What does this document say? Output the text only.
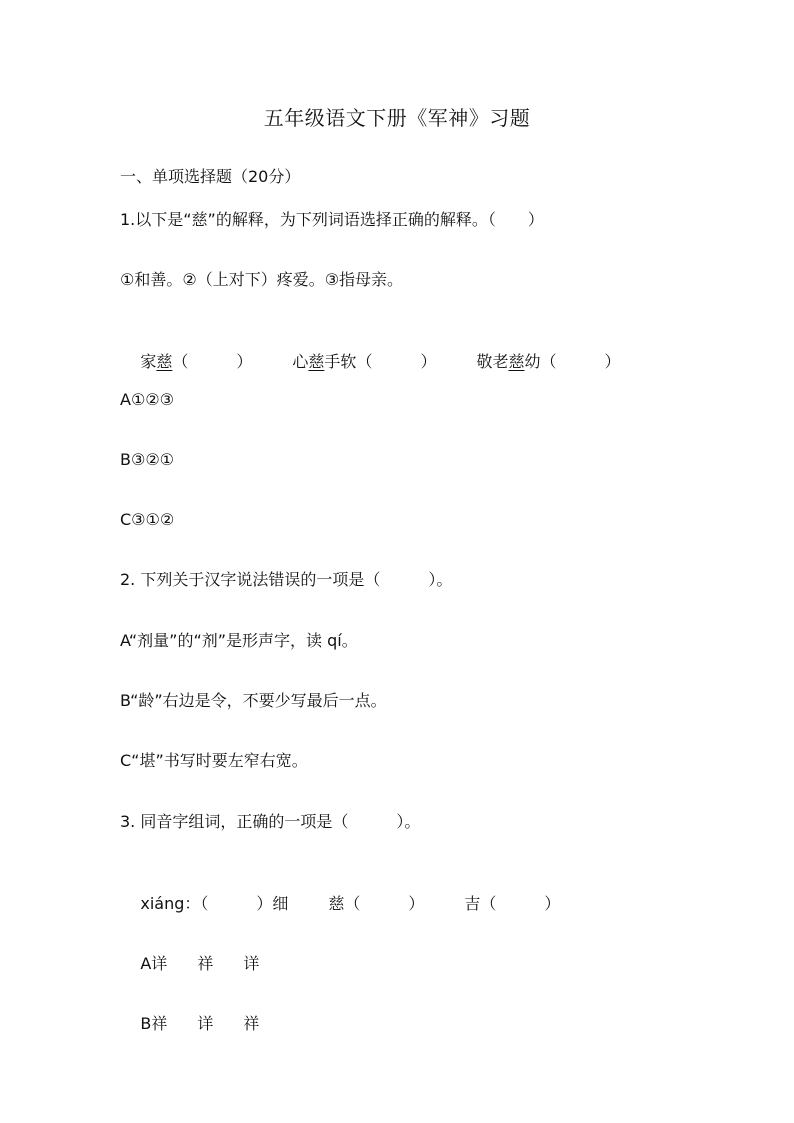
五年级语文下册《军神》习题
一、单项选择题（20分）
1.以下是“慈”的解释，为下列词语选择正确的解释。（　　）
①和善。②（上对下）疼爱。③指母亲。

家慈（　　　）	心慈手软（　　　）	敬老慈幼（　　　）

A①②③
B③②①
C③①②
2. 下列关于汉字说法错误的一项是（　　　）。
A“剂量”的“剂”是形声字，读 qí。
B“龄”右边是令，不要少写最后一点。
C“堪”书写时要左窄右宽。
3. 同音字组词，正确的一项是（　　　）。

xiáng：（　　　）细	慈（　　　）	吉（　　　）

A详 祥 详

B祥 详 祥
